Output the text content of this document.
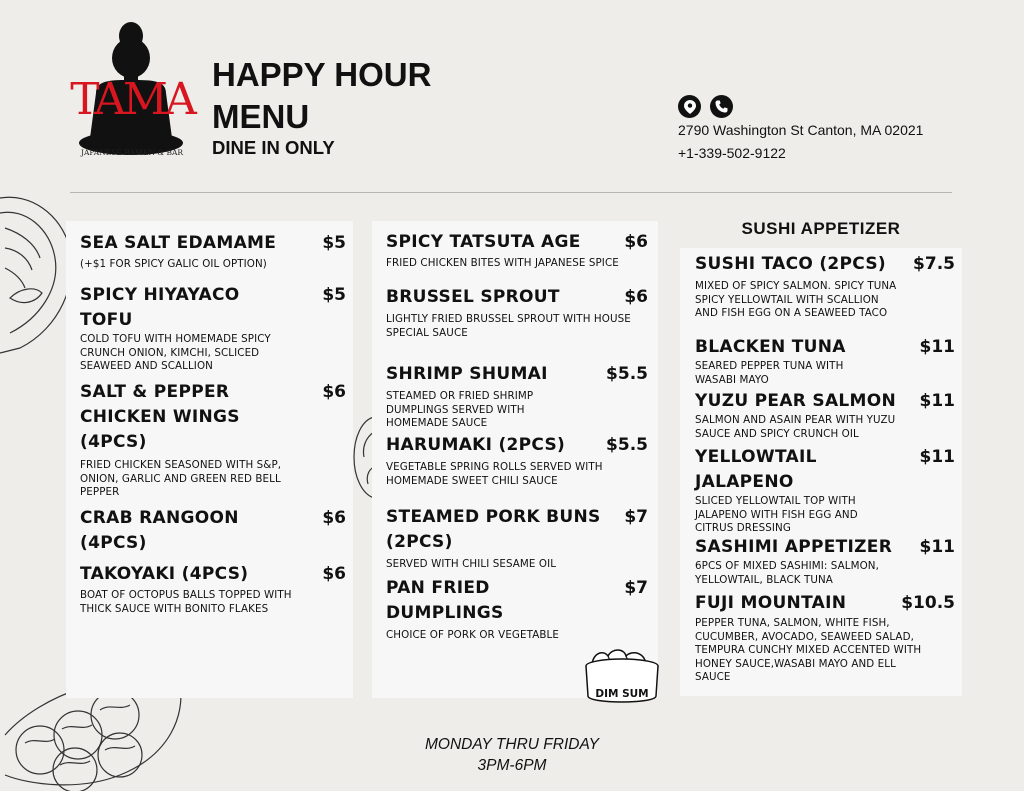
TAMA
JAPANESE RAMEN & BAR
HAPPY HOUR
MENU
DINE IN ONLY
2790 Washington St Canton, MA 02021
+1-339-502-9122
SEA SALT EDAMAME	$5
(+$1 FOR SPICY GALIC OIL OPTION)
SPICY HIYAYACO TOFU
$5
COLD TOFU WITH HOMEMADE SPICY CRUNCH ONION, KIMCHI, SCLICED SEAWEED AND SCALLION
SALT & PEPPER CHICKEN WINGS (4PCS)
$6
FRIED CHICKEN SEASONED WITH S&P, ONION, GARLIC AND GREEN RED BELL PEPPER
CRAB RANGOON (4PCS)
$6
TAKOYAKI (4PCS)	$6
BOAT OF OCTOPUS BALLS TOPPED WITH THICK SAUCE WITH BONITO FLAKES
SPICY TATSUTA AGE	$6
FRIED CHICKEN BITES WITH JAPANESE SPICE
BRUSSEL SPROUT	$6
LIGHTLY FRIED BRUSSEL SPROUT WITH HOUSE SPECIAL SAUCE
SHRIMP SHUMAI	$5.5
STEAMED OR FRIED SHRIMP DUMPLINGS SERVED WITH HOMEMADE SAUCE
HARUMAKI (2PCS)	$5.5
VEGETABLE SPRING ROLLS SERVED WITH HOMEMADE SWEET CHILI SAUCE
STEAMED PORK BUNS (2PCS)
$7
SERVED WITH CHILI SESAME OIL
PAN FRIED DUMPLINGS
$7
CHOICE OF PORK OR VEGETABLE
DIM SUM
SUSHI APPETIZER
SUSHI TACO (2PCS)	$7.5
MIXED OF SPICY SALMON. SPICY TUNA SPICY YELLOWTAIL WITH SCALLION AND FISH EGG ON A SEAWEED TACO
BLACKEN TUNA	$11
SEARED PEPPER TUNA WITH WASABI MAYO
YUZU PEAR SALMON	$11
SALMON AND ASAIN PEAR WITH YUZU SAUCE AND SPICY CRUNCH OIL
YELLOWTAIL JALAPENO
$11
SLICED YELLOWTAIL TOP WITH JALAPENO WITH FISH EGG AND CITRUS DRESSING
SASHIMI APPETIZER	$11
6PCS OF MIXED SASHIMI: SALMON, YELLOWTAIL, BLACK TUNA
FUJI MOUNTAIN	$10.5
PEPPER TUNA, SALMON, WHITE FISH, CUCUMBER, AVOCADO, SEAWEED SALAD, TEMPURA CUNCHY MIXED ACCENTED WITH HONEY SAUCE,WASABI MAYO AND ELL SAUCE
MONDAY THRU FRIDAY
3PM-6PM
